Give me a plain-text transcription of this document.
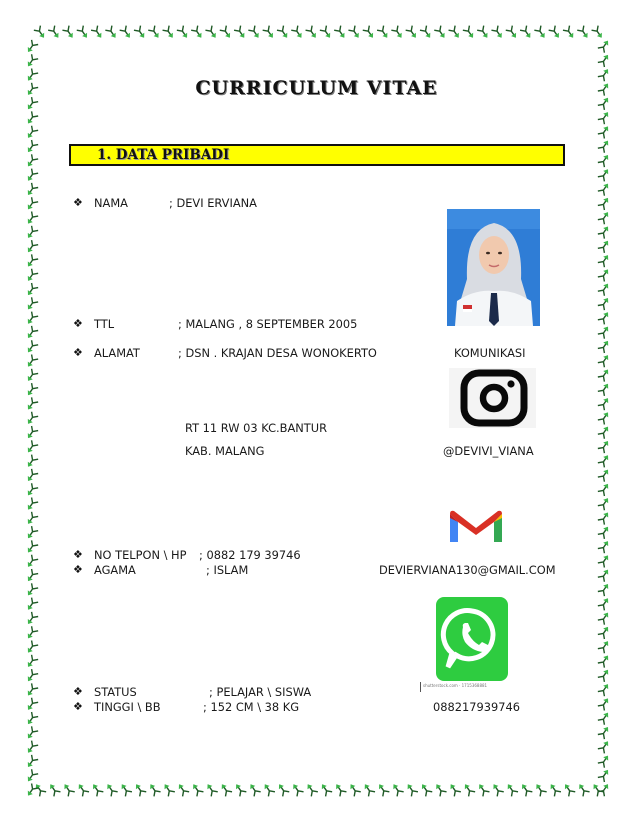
CURRICULUM VITAE
1. DATA PRIBADI
❖ NAMA	; DEVI ERVIANA
❖ TTL	; MALANG , 8 SEPTEMBER 2005
❖ ALAMAT	; DSN . KRAJAN DESA WONOKERTO	KOMUNIKASI
RT 11 RW 03 KC.BANTUR
KAB. MALANG	@DEVIVI_VIANA
❖ NO TELPON \ HP ; 0882 179 39746
❖ AGAMA	; ISLAM	DEVIERVIANA130@GMAIL.COM
shutterstock.com · 1715368881
❖ STATUS	; PELAJAR \ SISWA
❖ TINGGI \ BB	; 152 CM \ 38 KG	088217939746
